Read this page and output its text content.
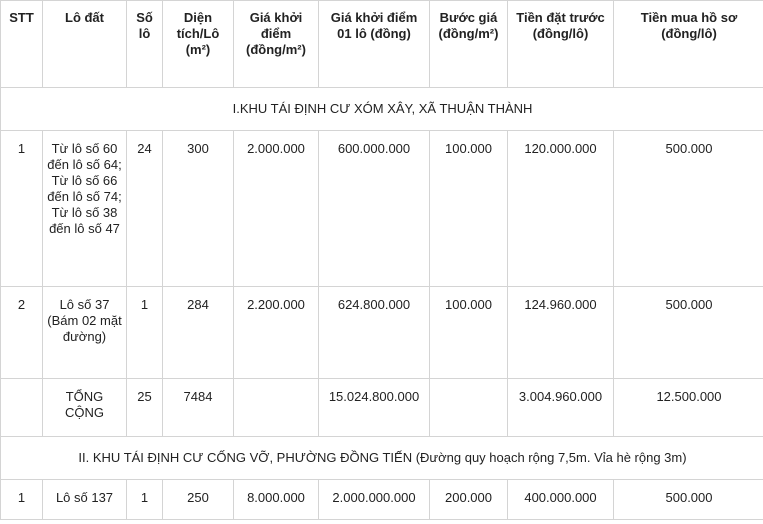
STT	Lô đất	Số lô	Diện tích/Lô (m²)	Giá khởi điểm (đồng/m²)	Giá khởi điểm 01 lô (đồng)	Bước giá (đồng/m²)	Tiền đặt trước (đồng/lô)	Tiền mua hồ sơ (đồng/lô)
I.KHU TÁI ĐỊNH CƯ XÓM XÂY, XÃ THUẬN THÀNH								
1	Từ lô số 60 đến lô số 64; Từ lô số 66 đến lô số 74; Từ lô số 38 đến lô số 47	24	300	2.000.000	600.000.000	100.000	120.000.000	500.000
2	Lô số 37 (Bám 02 mặt đường)	1	284	2.200.000	624.800.000	100.000	124.960.000	500.000
	TỔNG CỘNG	25	7484		15.024.800.000		3.004.960.000	12.500.000
II. KHU TÁI ĐỊNH CƯ CỐNG VỠ, PHƯỜNG ĐỒNG TIẾN (Đường quy hoạch rộng 7,5m. Vỉa hè rộng 3m)								
1	Lô số 137	1	250	8.000.000	2.000.000.000	200.000	400.000.000	500.000
